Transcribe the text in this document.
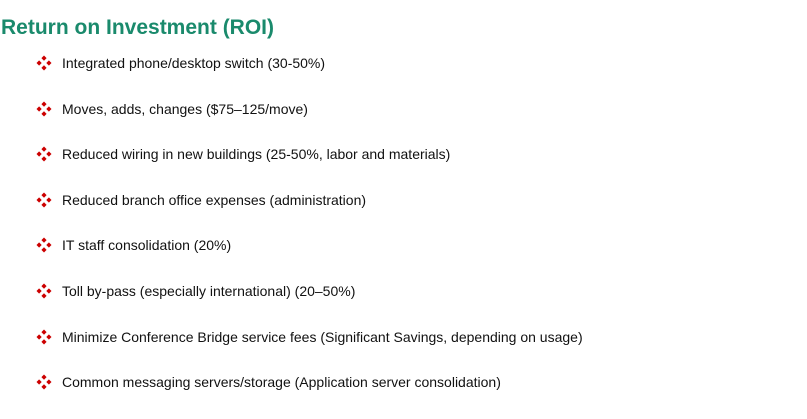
Return on Investment (ROI)
Integrated phone/desktop switch (30-50%)
Moves, adds, changes ($75–125/move)
Reduced wiring in new buildings (25-50%, labor and materials)
Reduced branch office expenses (administration)
IT staff consolidation (20%)
Toll by-pass (especially international) (20–50%)
Minimize Conference Bridge service fees (Significant Savings, depending on usage)
Common messaging servers/storage (Application server consolidation)
